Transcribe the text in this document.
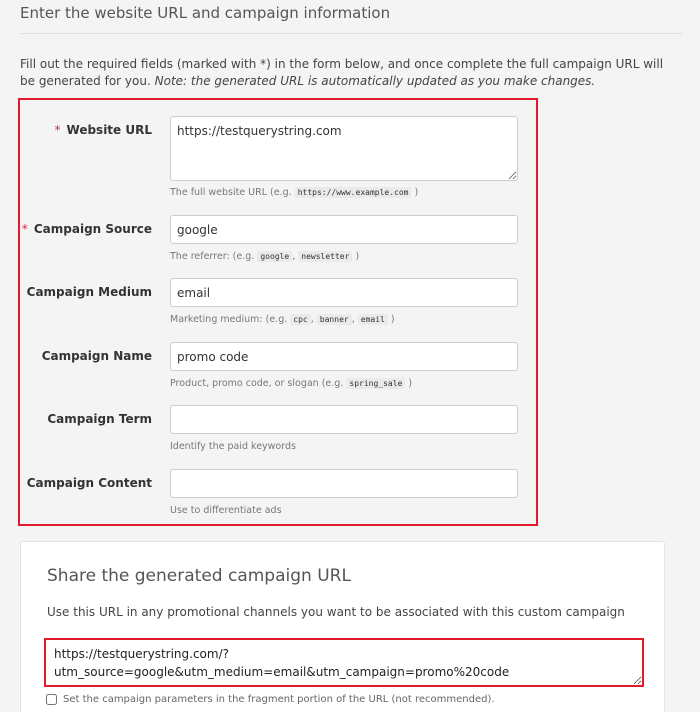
Enter the website URL and campaign information

Fill out the required fields (marked with *) in the form below, and once complete the full campaign URL will be generated for you. Note: the generated URL is automatically updated as you make changes.

* Website URL
https://testquerystring.com
The full website URL (e.g. https://www.example.com )
* Campaign Source
google
The referrer: (e.g. google , newsletter )
Campaign Medium
email
Marketing medium: (e.g. cpc , banner , email )
Campaign Name
promo code
Product, promo code, or slogan (e.g. spring_sale )
Campaign Term
Identify the paid keywords
Campaign Content
Use to differentiate ads
Share the generated campaign URL
Use this URL in any promotional channels you want to be associated with this custom campaign
https://testquerystring.com/? utm_source=google&utm_medium=email&utm_campaign=promo%20code
Set the campaign parameters in the fragment portion of the URL (not recommended).
